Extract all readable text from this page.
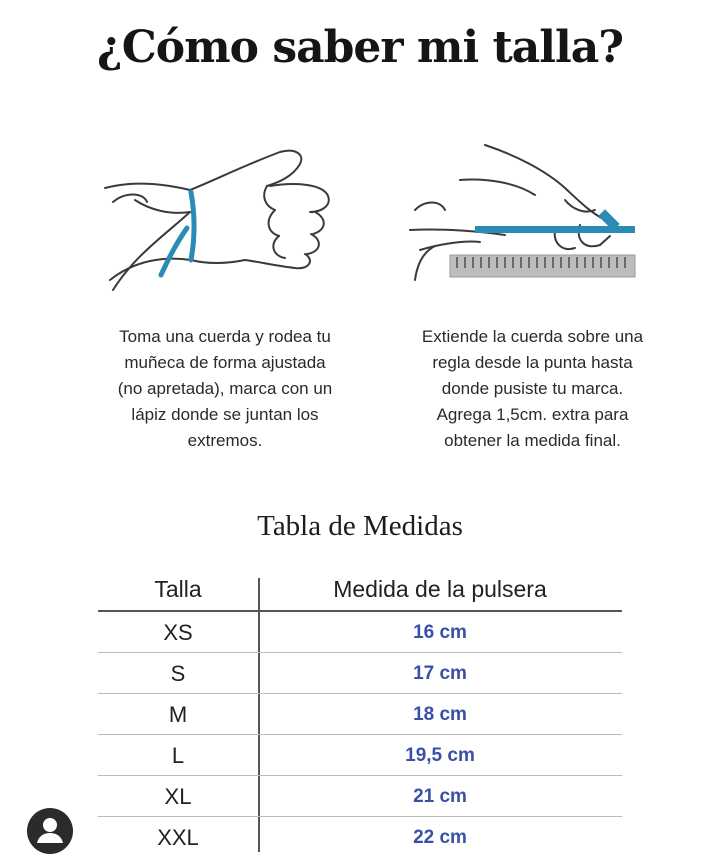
¿Cómo saber mi talla?

Toma una cuerda y rodea tu

muñeca de forma ajustada

(no apretada), marca con un

lápiz donde se juntan los

extremos.

Extiende la cuerda sobre una

regla desde la punta hasta

donde pusiste tu marca.

Agrega 1,5cm. extra para

obtener la medida final.

Tabla de Medidas
Talla	Medida de la pulsera
XS	16 cm
S	17 cm
M	18 cm
L	19,5 cm
XL	21 cm
XXL	22 cm
